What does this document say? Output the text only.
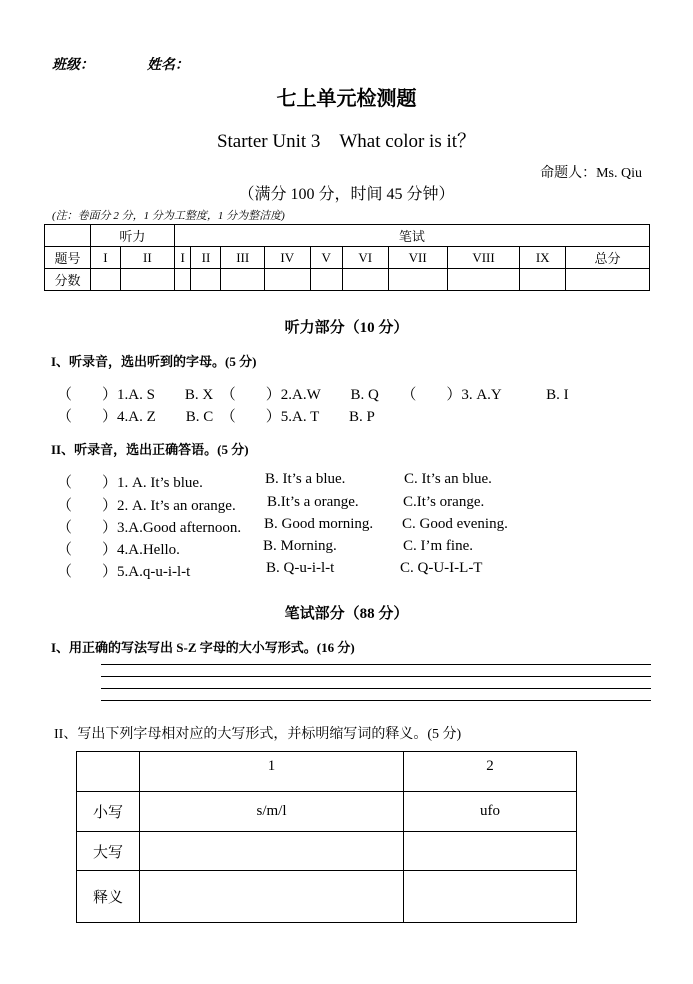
班级：	姓名：
七上单元检测题
Starter Unit 3　What color is it？
命题人：Ms. Qiu
（满分 100 分，时间 45 分钟）
(注：卷面分 2 分，1 分为工整度，1 分为整洁度)
	听力		笔试									
题号	I	II	I	II	III	IV	V	VI	VII	VIII	IX	总分
分数												
听力部分（10 分）
I、听录音，选出听到的字母。(5 分)
（　　）1.A. S　　B. X　（　　）2.A.W　　B. Q　　（　　）3. A.Y　　　B. I
（　　）4.A. Z　　B. C　（　　）5.A. T　　B. P
II、听录音，选出正确答语。(5 分)
（　　）1. A. It’s blue.	B. It’s a blue.	C. It’s an blue.
（　　）2. A. It’s an orange. B.It’s a orange.	C.It’s orange.
（　　）3.A.Good afternoon. B. Good morning. C. Good evening.
（　　）4.A.Hello.	B. Morning.	C. I’m fine.
（　　）5.A.q-u-i-l-t	B. Q-u-i-l-t	C. Q-U-I-L-T
笔试部分（88 分）
I、用正确的写法写出 S-Z 字母的大小写形式。(16 分)
II、写出下列字母相对应的大写形式，并标明缩写词的释义。(5 分)
	1	2
小写	s/m/l	ufo
大写		
释义		
